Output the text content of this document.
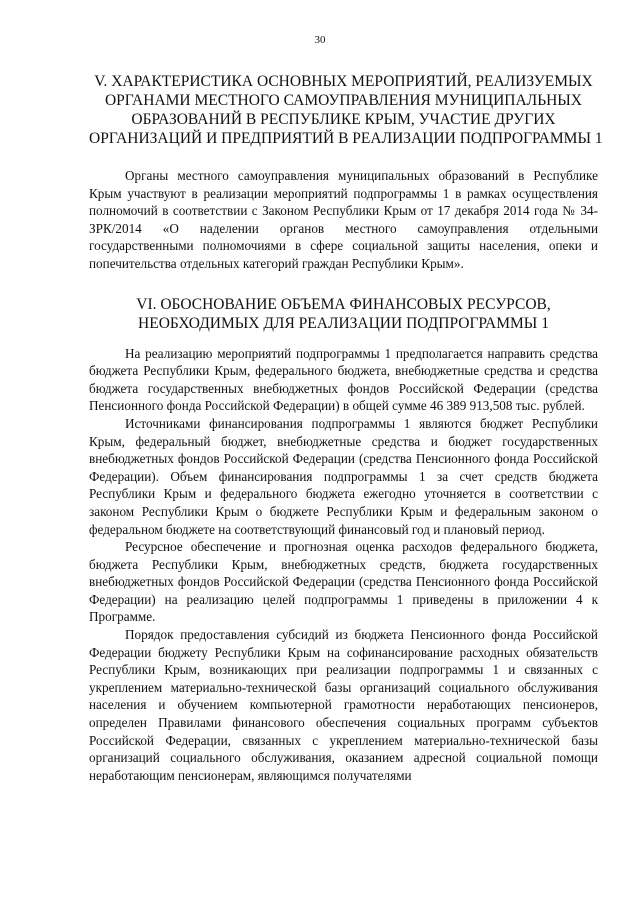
30
V. ХАРАКТЕРИСТИКА ОСНОВНЫХ МЕРОПРИЯТИЙ, РЕАЛИЗУЕМЫХ
ОРГАНАМИ МЕСТНОГО САМОУПРАВЛЕНИЯ МУНИЦИПАЛЬНЫХ
ОБРАЗОВАНИЙ В РЕСПУБЛИКЕ КРЫМ, УЧАСТИЕ ДРУГИХ
ОРГАНИЗАЦИЙ И ПРЕДПРИЯТИЙ В РЕАЛИЗАЦИИ ПОДПРОГРАММЫ 1

Органы местного самоуправления муниципальных образований в Республике Крым участвуют в реализации мероприятий подпрограммы 1 в рамках осуществления полномочий в соответствии с Законом Республики Крым от 17 декабря 2014 года № 34-ЗРК/2014 «О наделении органов местного самоуправления отдельными государственными полномочиями в сфере социальной защиты населения, опеки и попечительства отдельных категорий граждан Республики Крым».

VI. ОБОСНОВАНИЕ ОБЪЕМА ФИНАНСОВЫХ РЕСУРСОВ,
НЕОБХОДИМЫХ ДЛЯ РЕАЛИЗАЦИИ ПОДПРОГРАММЫ 1

На реализацию мероприятий подпрограммы 1 предполагается направить средства бюджета Республики Крым, федерального бюджета, внебюджетные средства и средства бюджета государственных внебюджетных фондов Российской Федерации (средства Пенсионного фонда Российской Федерации) в общей сумме 46 389 913,508 тыс. рублей.

Источниками финансирования подпрограммы 1 являются бюджет Республики Крым, федеральный бюджет, внебюджетные средства и бюджет государственных внебюджетных фондов Российской Федерации (средства Пенсионного фонда Российской Федерации). Объем финансирования подпрограммы 1 за счет средств бюджета Республики Крым и федерального бюджета ежегодно уточняется в соответствии с законом Республики Крым о бюджете Республики Крым и федеральным законом о федеральном бюджете на соответствующий финансовый год и плановый период.

Ресурсное обеспечение и прогнозная оценка расходов федерального бюджета, бюджета Республики Крым, внебюджетных средств, бюджета государственных внебюджетных фондов Российской Федерации (средства Пенсионного фонда Российской Федерации) на реализацию целей подпрограммы 1 приведены в приложении 4 к Программе.

Порядок предоставления субсидий из бюджета Пенсионного фонда Российской Федерации бюджету Республики Крым на софинансирование расходных обязательств Республики Крым, возникающих при реализации подпрограммы 1 и связанных с укреплением материально-технической базы организаций социального обслуживания населения и обучением компьютерной грамотности неработающих пенсионеров, определен Правилами финансового обеспечения социальных программ субъектов Российской Федерации, связанных с укреплением материально-технической базы организаций социального обслуживания, оказанием адресной социальной помощи неработающим пенсионерам, являющимся получателями
